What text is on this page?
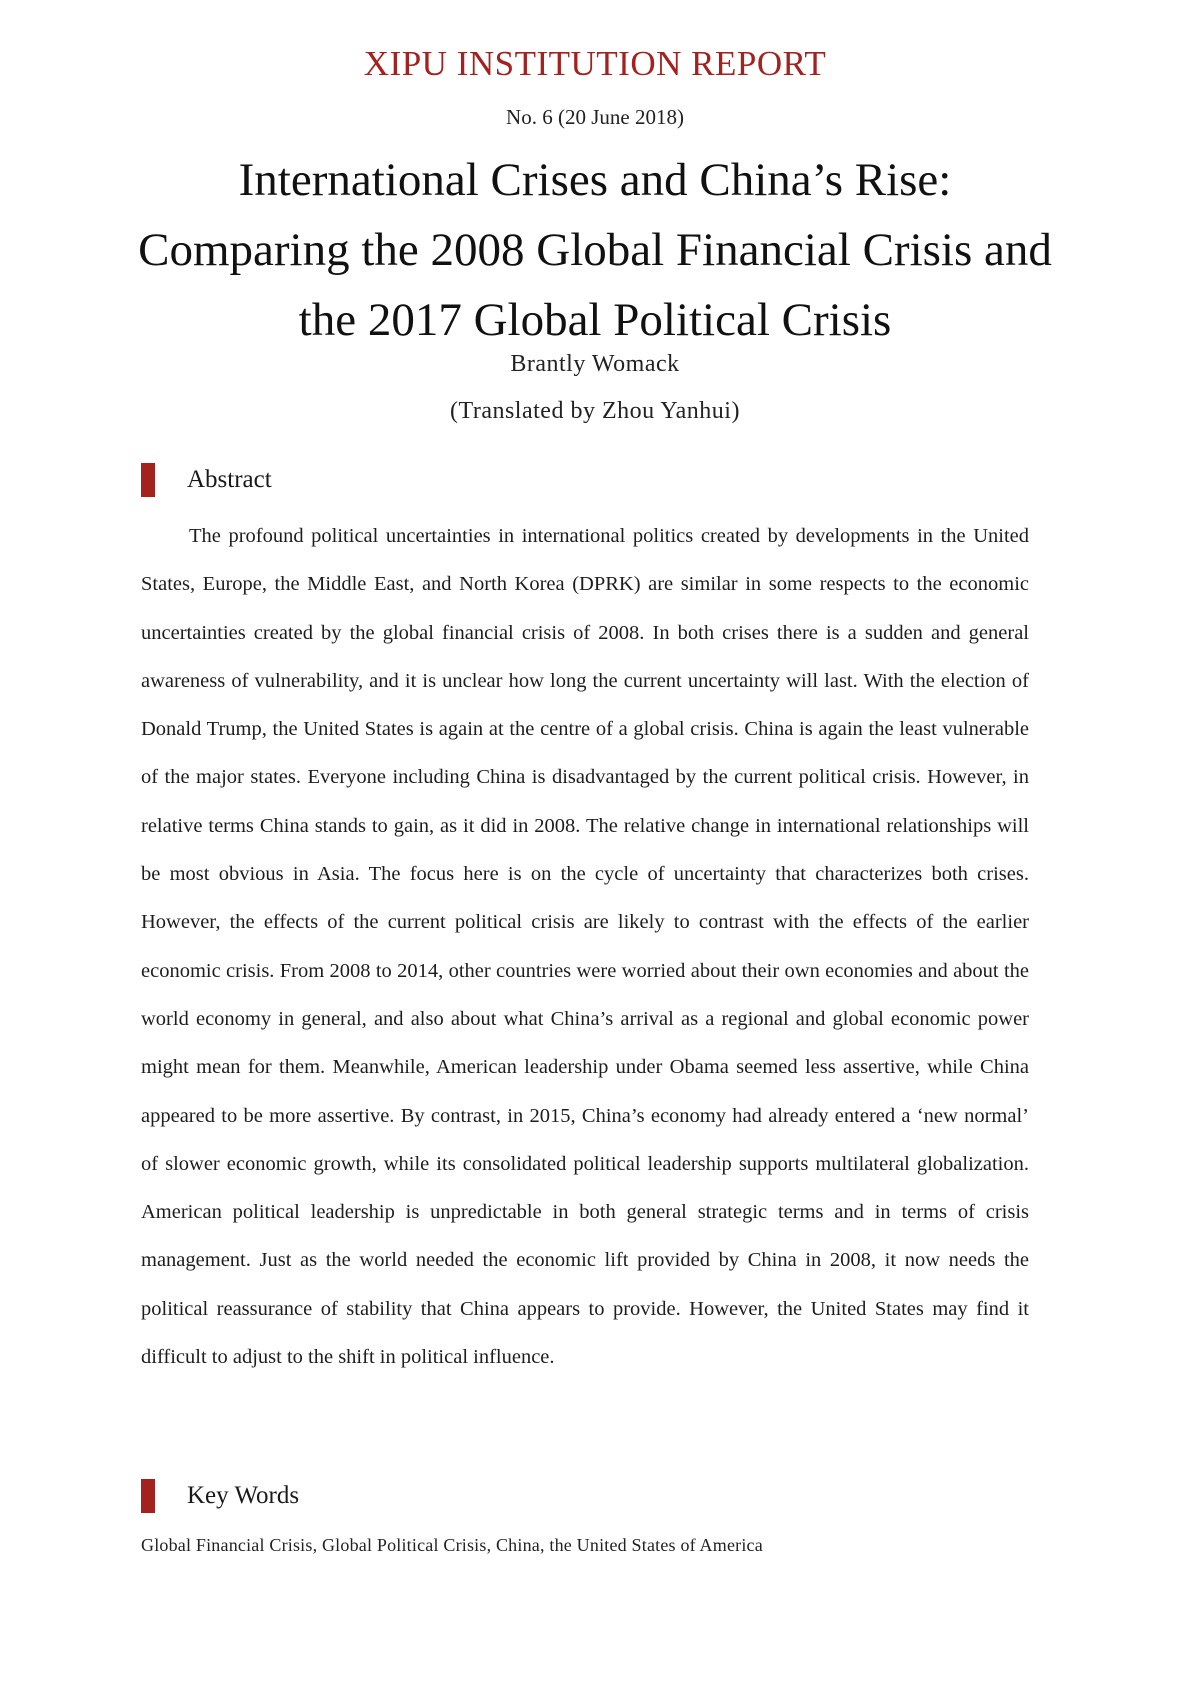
XIPU INSTITUTION REPORT
No. 6 (20 June 2018)
International Crises and China’s Rise:
Comparing the 2008 Global Financial Crisis and
the 2017 Global Political Crisis
Brantly Womack
(Translated by Zhou Yanhui)
Abstract

The profound political uncertainties in international politics created by developments in the United States, Europe, the Middle East, and North Korea (DPRK) are similar in some respects to the economic uncertainties created by the global financial crisis of 2008. In both crises there is a sudden and general awareness of vulnerability, and it is unclear how long the current uncertainty will last. With the election of Donald Trump, the United States is again at the centre of a global crisis. China is again the least vulnerable of the major states. Everyone including China is disadvantaged by the current political crisis. However, in relative terms China stands to gain, as it did in 2008. The relative change in international relationships will be most obvious in Asia. The focus here is on the cycle of uncertainty that characterizes both crises. However, the effects of the current political crisis are likely to contrast with the effects of the earlier economic crisis. From 2008 to 2014, other countries were worried about their own economies and about the world economy in general, and also about what China’s arrival as a regional and global economic power might mean for them. Meanwhile, American leadership under Obama seemed less assertive, while China appeared to be more assertive. By contrast, in 2015, China’s economy had already entered a ‘new normal’ of slower economic growth, while its consolidated political leadership supports multilateral globalization. American political leadership is unpredictable in both general strategic terms and in terms of crisis management. Just as the world needed the economic lift provided by China in 2008, it now needs the political reassurance of stability that China appears to provide. However, the United States may find it difficult to adjust to the shift in political influence.

Key Words
Global Financial Crisis, Global Political Crisis, China, the United States of America
